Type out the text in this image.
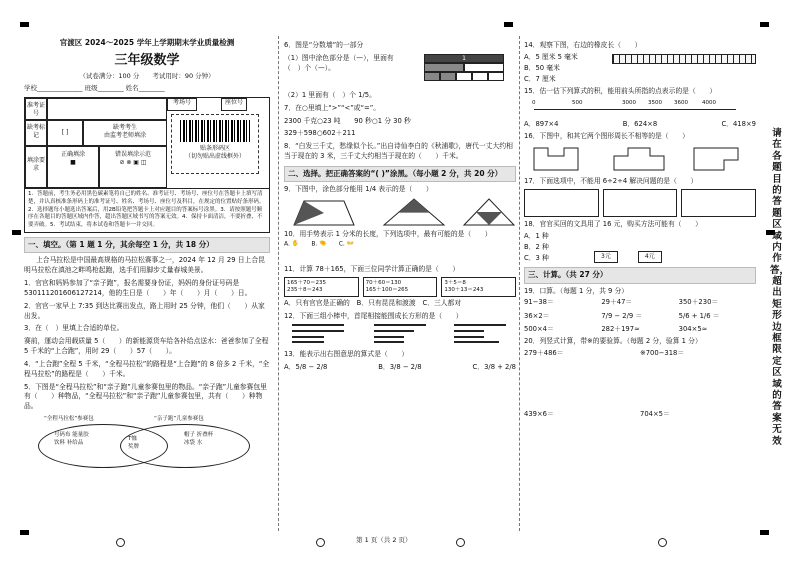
官渡区 2024～2025 学年上学期期末学业质量检测
三年级数学
（试卷满分：100 分　　考试用时：90 分钟）
学校______________ 班级________ 姓名________
准考证号
考场号	座位号
缺考标记	[ ]
缺考考生
由监考老师填涂
填涂要求
正确填涂
■
错误填涂示范
⊘ ⊗ ▣ ◫
贴条形码区
（切勿贴出虚线框外）
1．答题前，考生务必用黑色碳素笔将自己的姓名、准考证号、考场号、座位号在答题卡上填写清楚，并认真核准条形码上的准考证号、姓名、考场号、座位号及科目，在规定的位置贴好条形码。2．选择题每小题选出答案后，用2B铅笔把答题卡上对应题目的答案标号涂黑。3．请按照题号顺序在各题目的答题区域内作答，超出答题区域书写的答案无效。4．保持卡面清洁，不要折叠、不要弄破。5．考试结束，将本试卷和答题卡一并交回。
一、填空。（第 1 题 1 分，其余每空 1 分，共 18 分）
上合马拉松是中国最高规格的马拉松赛事之一，2024 年 12 月 29 日上合昆明马拉松在滇池之畔鸣枪起跑，选手们用脚步丈量春城美景。
1．官官和妈妈参加了“亲子跑”，报名需要身份证，妈妈的身份证号码是 530111201606127214，他的生日是（　　）年（　　）月（　　）日。
2．官官一家早上 7:35 到达比赛出发点，路上用时 25 分钟，他们（　　）从家出发。
3．在（　）里填上合适的单位。
赛前，運动会用载质量 5（　　）的新能源货车给各补给点送水：爸爸参加了全程 5 千米的“上合跑”，用时 29（　　）57（　　）。
4．“上合跑”全程 5 千米，“全程马拉松”的路程是“上合跑”的 8 倍多 2 千米，“全程马拉松”的路程是（　　）千米。
5．下图是“全程马拉松”和“亲子跑”儿童参赛包里的物品。“亲子跑”儿童参赛包里有（　　）种物品，“全程马拉松”和“亲子跑”儿童参赛包里，共有（　　）种物品。
“全程马拉松”参赛包	“亲子跑”儿童参赛包
号码布 能量胶
饮料 补给品
T恤
奖牌
帽子 折叠杯
冰袋 水
6．图是“分数墙”的一部分
（1）图中涂色部分是（—），里面有（　）个（—）。
1
（2）1 里面有（　）个 1/5。
7．在○里填上“>”“<”或“=”。
2300 千克○23 吨　　90 秒○1 分 30 秒
329＋598○602＋211
8．“白发三千丈，愁缘似个长。”出自诗仙李白的《秋浦歌》，唐代一丈大约相当于现在的 3 米，三千丈大约相当于现在的（　　）千米。
二、选择。把正确答案的“( )”涂黑。（每小题 2 分，共 20 分）
9．下图中，涂色部分能用 1/4 表示的是（　　）
10．用手势表示 1 分米的长度，下列选项中，最有可能的是（　　）
A. ✋　　B. 🤏　　C. 👐
11．计算 78＋165，下面三位同学计算正确的是（　　）
165＋70＝235
235＋8＝243
70＋60＝130
165＋100＝265
3＋5＝8
130＋13＝243
A．只有官官是正确的　B．只有昆昆和渡渡　C．三人都对
12．下面三组小棒中，首尾相接能围成长方形的是（　　）
13．能表示出右图意思的算式是（　　）
A．5/8 − 2/8	B．3/8 − 2/8	C．3/8 + 2/8
14．观察下图，右边的橡皮长（　　）
A．5 厘米 5 毫米
B．50 毫米
C．7 厘米
15．估一估下列算式的积，能用前头所指的点表示的是（　　）
0	500	3000 3500 3600	4000
A．897×4	B．624×8	C．418×9
16．下图中，和其它两个图形周长不相等的是（　　）
17．下面选项中，不能用 6÷2÷4 解决问题的是（　　）
18．官官买回的文具用了 16 元，购买方法可能有（　　）
A．1 种
B．2 种
C．3 种	3元	4元
三、计算。（共 27 分）
19．口算。（每题 1 分，共 9 分）
91−38＝	29＋47＝	350＋230＝
36×2＝	7/9 − 2/9 ＝	5/6 + 1/6 ＝
500×4＝	282＋197≈	304×5≈
20．列竖式计算，带※的要验算。（每题 2 分，验算 1 分）
279＋486＝	※700−318＝
439×6＝	704×5＝
请在各题目的答题区域内作答，超出矩形边框限定区域的答案无效
第 1 页（共 2 页）
